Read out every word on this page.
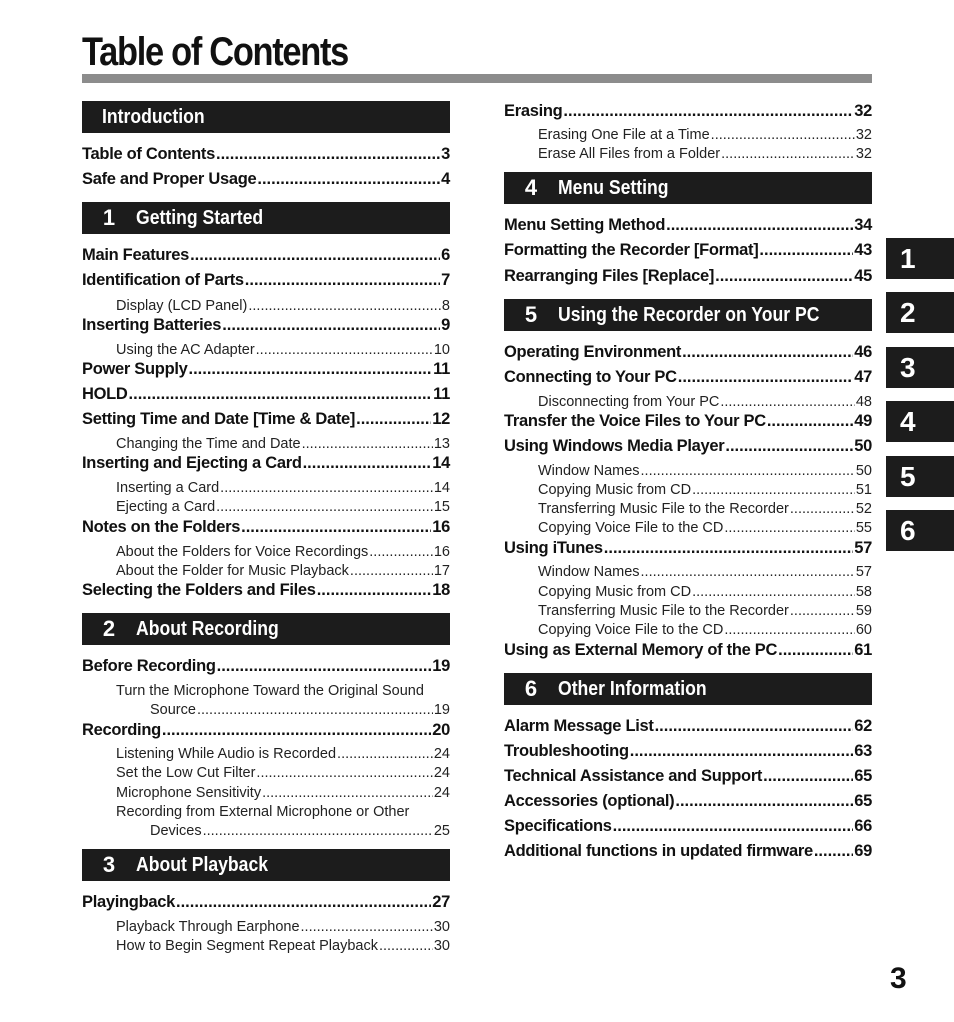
Table of Contents
Introduction
Table of Contents .....	3
Safe and Proper Usage .....	4
1	Getting Started
Main Features .....	6
Identification of Parts .....	7
Display (LCD Panel) .....	8
Inserting Batteries .....	9
Using the AC Adapter .....	10
Power Supply .....	11
HOLD .....	11
Setting Time and Date [Time & Date] .....	12
Changing the Time and Date .....	13
Inserting and Ejecting a Card .....	14
Inserting a Card .....	14
Ejecting a Card .....	15
Notes on the Folders .....	16
About the Folders for Voice Recordings .....	16
About the Folder for Music Playback .....	17
Selecting the Folders and Files .....	18
2	About Recording
Before Recording .....	19
Turn the Microphone Toward the Original Sound
Source .....	19
Recording .....	20
Listening While Audio is Recorded .....	24
Set the Low Cut Filter .....	24
Microphone Sensitivity .....	24
Recording from External Microphone or Other
Devices .....	25
3	About Playback
Playingback .....	27
Playback Through Earphone .....	30
How to Begin Segment Repeat Playback .....	30
Erasing .....	32
Erasing One File at a Time .....	32
Erase All Files from a Folder .....	32
4	Menu Setting
Menu Setting Method .....	34
Formatting the Recorder [Format] .....	43
Rearranging Files [Replace] .....	45
5	Using the Recorder on Your PC
Operating Environment .....	46
Connecting to Your PC .....	47
Disconnecting from Your PC .....	48
Transfer the Voice Files to Your PC .....	49
Using Windows Media Player .....	50
Window Names .....	50
Copying Music from CD .....	51
Transferring Music File to the Recorder .....	52
Copying Voice File to the CD .....	55
Using iTunes .....	57
Window Names .....	57
Copying Music from CD .....	58
Transferring Music File to the Recorder .....	59
Copying Voice File to the CD .....	60
Using as External Memory of the PC .....	61
6	Other Information
Alarm Message List .....	62
Troubleshooting .....	63
Technical Assistance and Support .....	65
Accessories (optional) .....	65
Specifications .....	66
Additional functions in updated firmware .....	69
1
2
3
4
5
6
3
